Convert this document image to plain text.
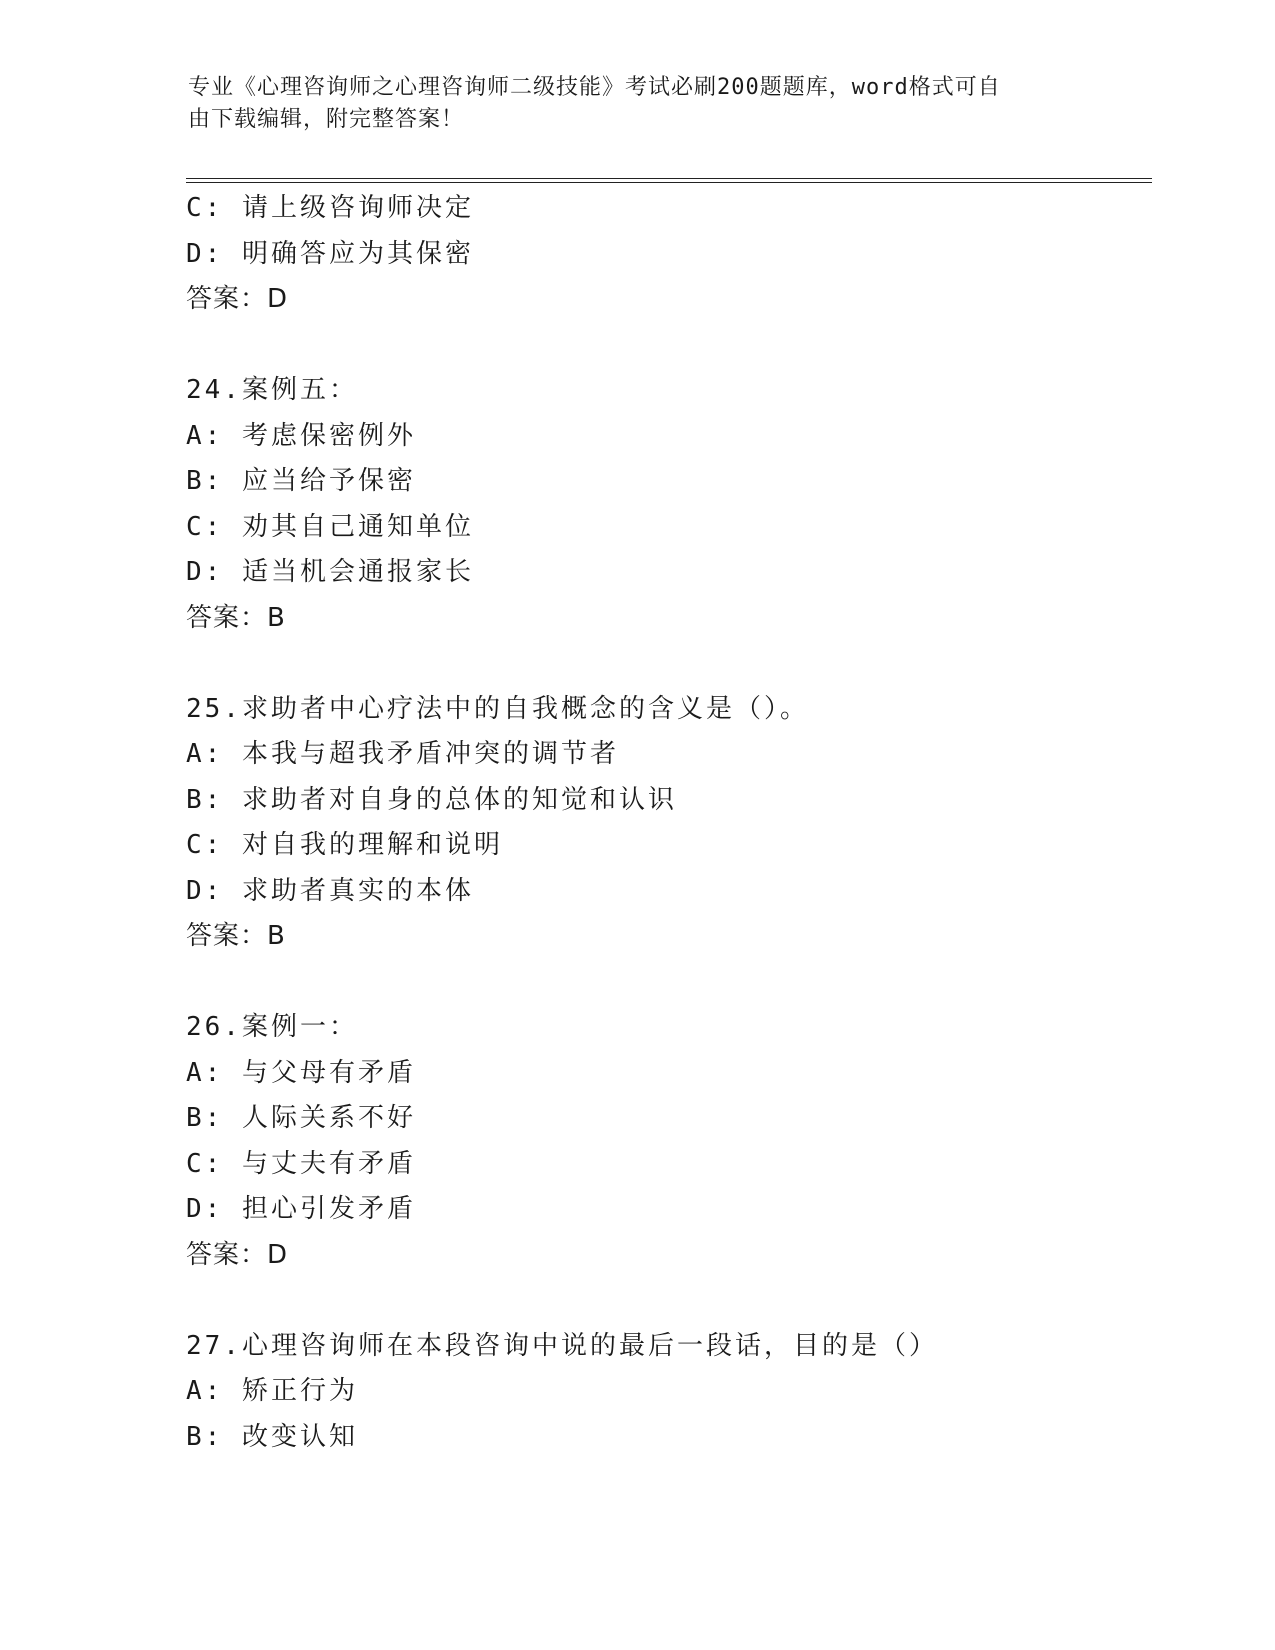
专业《心理咨询师之心理咨询师二级技能》考试必刷200题题库，word格式可自
由下载编辑，附完整答案！
C: 请上级咨询师决定
D: 明确答应为其保密
答案：D
24.案例五：
A: 考虑保密例外
B: 应当给予保密
C: 劝其自己通知单位
D: 适当机会通报家长
答案：B
25.求助者中心疗法中的自我概念的含义是（）。
A: 本我与超我矛盾冲突的调节者
B: 求助者对自身的总体的知觉和认识
C: 对自我的理解和说明
D: 求助者真实的本体
答案：B
26.案例一：
A: 与父母有矛盾
B: 人际关系不好
C: 与丈夫有矛盾
D: 担心引发矛盾
答案：D
27.心理咨询师在本段咨询中说的最后一段话，目的是（）
A: 矫正行为
B: 改变认知
